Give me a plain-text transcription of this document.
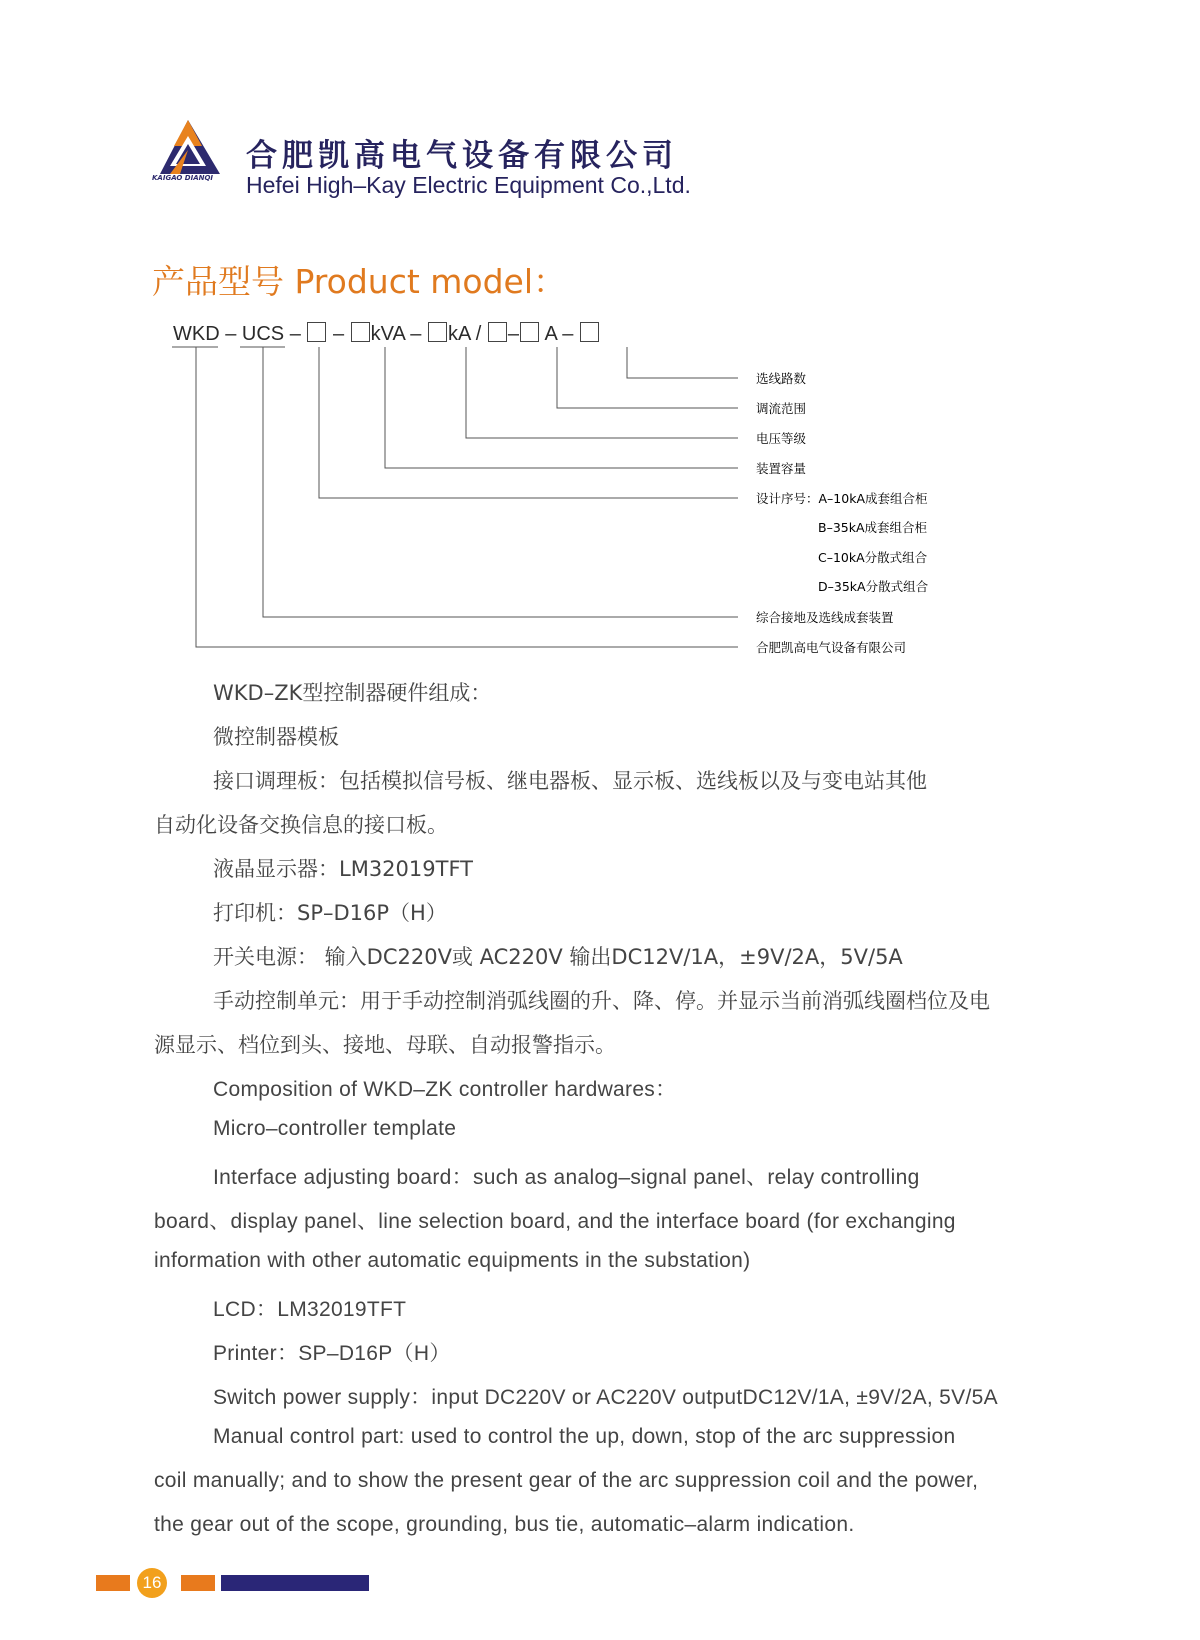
KAIGAO DIANQI
合肥凯高电气设备有限公司
Hefei High–Kay Electric Equipment Co.,Ltd.
产品型号 Product model：
WKD – UCS –  – kVA – kA / – A –
选线路数
调流范围
电压等级
装置容量
设计序号：A–10kA成套组合柜
B–35kA成套组合柜
C–10kA分散式组合
D–35kA分散式组合
综合接地及选线成套装置
合肥凯高电气设备有限公司
WKD–ZK型控制器硬件组成：
微控制器模板
接口调理板：包括模拟信号板、继电器板、显示板、选线板以及与变电站其他
自动化设备交换信息的接口板。
液晶显示器：LM32019TFT
打印机：SP–D16P（H）
开关电源： 输入DC220V或 AC220V 输出DC12V/1A，±9V/2A，5V/5A
手动控制单元：用于手动控制消弧线圈的升、降、停。并显示当前消弧线圈档位及电
源显示、档位到头、接地、母联、自动报警指示。
Composition of WKD–ZK controller hardwares：
Micro–controller template
Interface adjusting board：such as analog–signal panel、relay controlling
board、display panel、line selection board, and the interface board (for exchanging
information with other automatic equipments in the substation)
LCD：LM32019TFT
Printer：SP–D16P（H）
Switch power supply：input DC220V or AC220V outputDC12V/1A, ±9V/2A, 5V/5A
Manual control part: used to control the up, down, stop of the arc suppression
coil manually; and to show the present gear of the arc suppression coil and the power,
the gear out of the scope, grounding, bus tie, automatic–alarm indication.
16
